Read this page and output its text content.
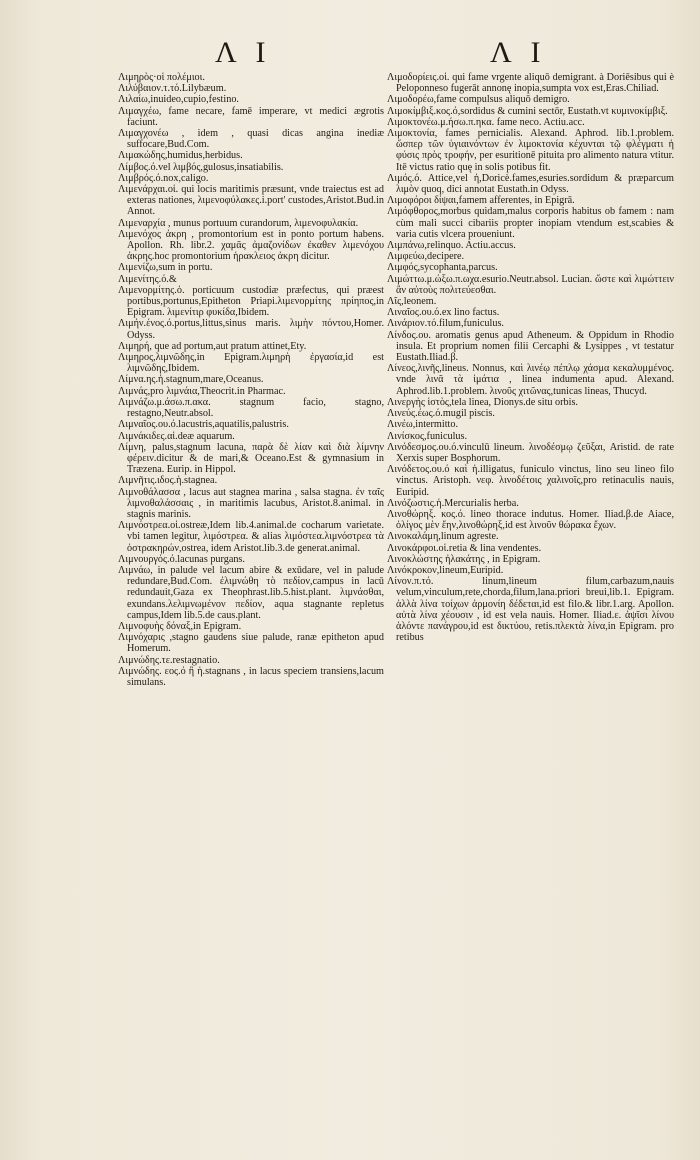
Λ Ι	Λ Ι

Λιμηρὸς·οἱ πολέμιοι.

Λιλύβαιον.τ.τό.Lilybæum.

Λιλαίω,inuideo,cupio,festino.

Λιμαγχέω, fame necare, famē imperare, vt medici ægrotis faciunt.

Λιμαγχονέω , idem , quasi dicas angina inediæ suffocare,Bud.Com.

Λιμακώδης,humidus,herbidus.

Λίμβος.ό.vel λιμβός,gulosus,insatiabilis.

Λιμβρός.ό.nox,caligo.

Λιμενάρχαι.οἱ. qui locis maritimis præsunt, vnde traiectus est ad exteras nationes, λιμενοφύλακες.i.port' custodes,Aristot.Bud.in Annot.

Λιμεναρχία , munus portuum curandorum, λιμενοφυλακία.

Λιμενόχος ἀκρη , promontorium est in ponto portum habens. Apollon. Rh. libr.2. χαμᾶς ἀμαζονίδων ἐκαθεν λιμενόχου ἀκρης.hoc promontorium ἡρακλειος ἀκρη dicitur.

Λιμενίζω,sum in portu.

Λιμενίτης.ό.&

Λιμενορμίτης.ὁ. porticuum custodiæ præfectus, qui præest portibus,portunus,Epitheton Priapi.λιμενορμίτης πρίηπος,in Epigram. λιμενίτιρ φυκίδα,Ibidem.

Λιμήν.ένος.ό.portus,littus,sinus maris. λιμὴν πόντου,Homer. Odyss.

Λιμηρή, que ad portum,aut pratum attinet,Ety.

Λιμηρος,λιμνῶδης,in Epigram.λιμηρὴ ἐργασία,id est λιμνῶδης,Ibidem.

Λίμνα.ης.ἡ.stagnum,mare,Oceanus.

Λιμνάς,pro λιμνάια,Theocrit.in Pharmac.

Λιμνάζω.μ.άσω.π.ακα. stagnum facio, stagno, restagno,Neutr.absol.

Λιμναῖος.ου.ό.lacustris,aquatilis,palustris.

Λιμνάκιδες.αἱ.deæ aquarum.

Λίμνη, palus,stagnum lacuna, παρὰ δὲ λίαν καὶ διὰ λίμνην φέρειν.dicitur & de mari,& Oceano.Est & gymnasium in Træzena. Eurip. in Hippol.

Λιμνῆτις.ιδος.ἡ.stagnea.

Λιμνοθάλασσα , lacus aut stagnea marina , salsa stagna. ἐν ταῖς λιμνοθαλάσσαις , in maritimis lacubus, Aristot.8.animal. in stagnis marinis.

Λιμνόστρεα.οἱ.ostreæ,Idem lib.4.animal.de cocharum varietate. vbi tamen legitur, λιμόστρεα. & alias λιμόστεα.λιμνόστρεα τὰ ὀστρακηρών,ostrea, idem Aristot.lib.3.de generat.animal.

Λιμνουργός.ό.lacunas purgans.

Λιμνάω, in palude vel lacum abire & exūdare, vel in palude redundare,Bud.Com. ἐλιμνώθη τὸ πεδίον,campus in lacū redundauit,Gaza ex Theophrast.lib.5.hist.plant. λιμνάσθαι, exundans.λελιμνωμένον πεδίον, aqua stagnante repletus campus,Idem lib.5.de caus.plant.

Λιμνοφυὴς δόναξ,in Epigram.

Λιμνόχαρις ,stagno gaudens siue palude, ranæ epitheton apud Homerum.

Λιμνώδης.τε.restagnatio.

Λιμνώδης. εος.ό ἢ ἡ.stagnans , in lacus speciem transiens,lacum simulans.

Λιμοδορίεις.οἱ. qui fame vrgente aliquō demigrant. à Doriēsibus qui è Peloponneso fugerāt annonę inopia,sumpta vox est,Eras.Chiliad.

Λιμοδορέω,fame compulsus aliquō demigro.

Λιμοκίμβιξ.κος.ό,sordidus & cumini sectōr, Eustath.vt κυμινοκίμβιξ.

Λιμοκτονέω.μ.ήσω.π.ηκα. fame neco. Actiu.acc.

Λιμοκτονία, fames pernicialis. Alexand. Aphrod. lib.1.problem. ὥσπερ τῶν ὑγιαινόντων ἐν λιμοκτονία κέχυνται τῷ φλέγματι ἡ φύσις πρὸς τροφήν, per esuritionē pituita pro alimento natura vtitur. Itē victus ratio quę in solis potibus fit.

Λιμός.ό. Attice,vel ἡ,Doricè.fames,esuries.sordidum & præparcum λιμὸν quoq, dici annotat Eustath.in Odyss.

Λιμοφόροι δίψαι,famem afferentes, in Epigrā.

Λιμόφθορος,morbus quidam,malus corporis habitus ob famem : nam cùm mali succi cibariis propter inopiam vtendum est,scabies & varia cutis vlcera proueniunt.

Λιμπάνω,relinquo. Actiu.accus.

Λιμφεύω,decipere.

Λιμφός,sycophanta,parcus.

Λιμώττω.μ.ώξω.π.ωχα.esurio.Neutr.absol. Lucian. ὥστε καὶ λιμώττειν ἂν αὐτοὺς πολιτεύεσθαι.

Λῖς,leonem.

Λιναῖος.ου.ό.ex lino factus.

Λινάριον.τό.filum,funiculus.

Λίνδος.ου. aromatis genus apud Atheneum. & Oppidum in Rhodio insula. Et proprium nomen filii Cercaphi & Lysippes , vt testatur Eustath.Iliad.β.

Λίνεος,λινῆς,lineus. Nonnus, καὶ λινέῳ πέπλῳ χάσμα κεκαλυμμένος. vnde λινᾶ τὰ ἱμάτια , linea indumenta apud. Alexand. Aphrod.lib.1.problem. λινοῦς χιτῶνας,tunicas lineas, Thucyd.

Λινεργὴς ἱστὸς,tela linea, Dionys.de situ orbis.

Λινεύς.έως.ό.mugil piscis.

Λινέω,intermitto.

Λινίσκος,funiculus.

Λινόδεσμος.ου.ό.vinculū lineum. λινοδέσμῳ ζεῦξαι, Aristid. de rate Xerxis super Bosphorum.

Λινόδετος.ου.ό καὶ ἡ.illigatus, funiculo vinctus, lino seu lineo filo vinctus. Aristoph. νεφ. λινοδέτοις χαλινοῖς,pro retinaculis nauis, Euripid.

Λινόζωστις.ἡ.Mercurialis herba.

Λινοθώρηξ. κος.ό. lineo thorace indutus. Homer. Iliad.β.de Aiace, ὀλίγος μὲν ἔην,λινοθώρηξ,id est λινοῦν θώρακα ἔχων.

Λινοκαλάμη,linum agreste.

Λινοκάρφοι.οἱ.retia & lina vendentes.

Λινοκλώστης ἠλακάτης , in Epigram.

Λινόκροκον,lineum,Euripid.

Λίνον.π.τό. linum,lineum filum,carbazum,nauis velum,vinculum,rete,chorda,filum,lana.priori breui,lib.1. Epigram. ἀλλὰ λίνα τοίχων ἀρμονίη δέδεται,id est filo.& libr.1.arg. Apollon. αὐτὰ λίνα χέουσιν , id est vela nauis. Homer. Iliad.ε. ἀψῖσι λίνου ἁλόντε πανάγρου,id est δικτύου, retis.πλεκτὰ λίνα,in Epigram. pro retibus
